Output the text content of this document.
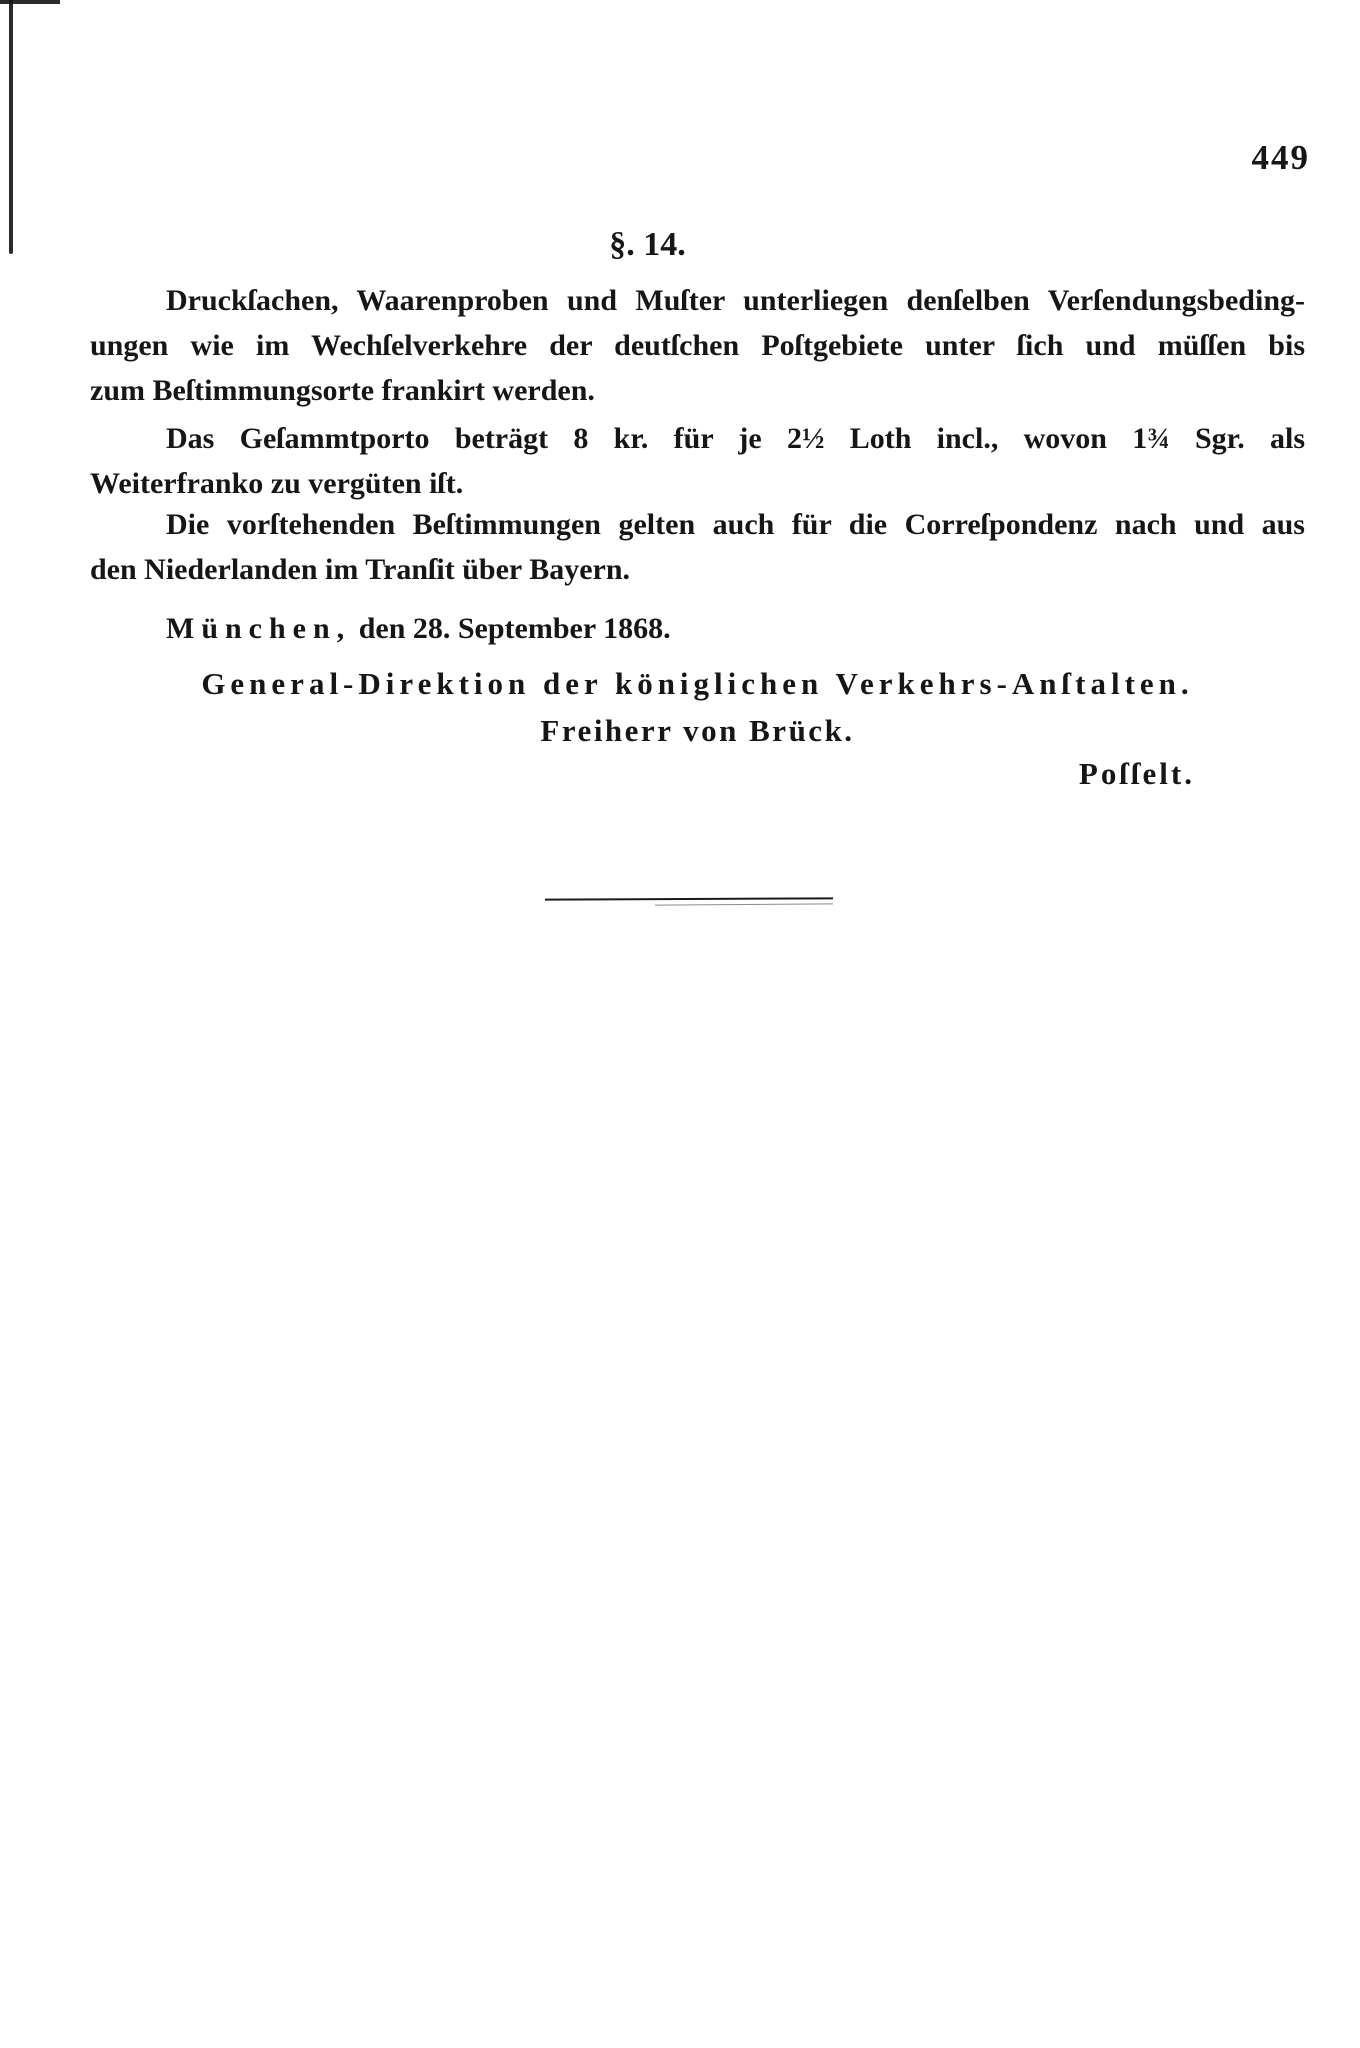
449
§. 14.
Druckſachen, Waarenproben und Muſter unterliegen denſelben Verſendungsbeding-
ungen wie im Wechſelverkehre der deutſchen Poſtgebiete unter ſich und müſſen bis
zum Beſtimmungsorte frankirt werden.
Das Geſammtporto beträgt 8 kr. für je 2½ Loth incl., wovon 1¾ Sgr. als
Weiterfranko zu vergüten iſt.
Die vorſtehenden Beſtimmungen gelten auch für die Correſpondenz nach und aus
den Niederlanden im Tranſit über Bayern.
München, den 28. September 1868.
General-Direktion der königlichen Verkehrs-Anſtalten.
Freiherr von Brück.
Poſſelt.
